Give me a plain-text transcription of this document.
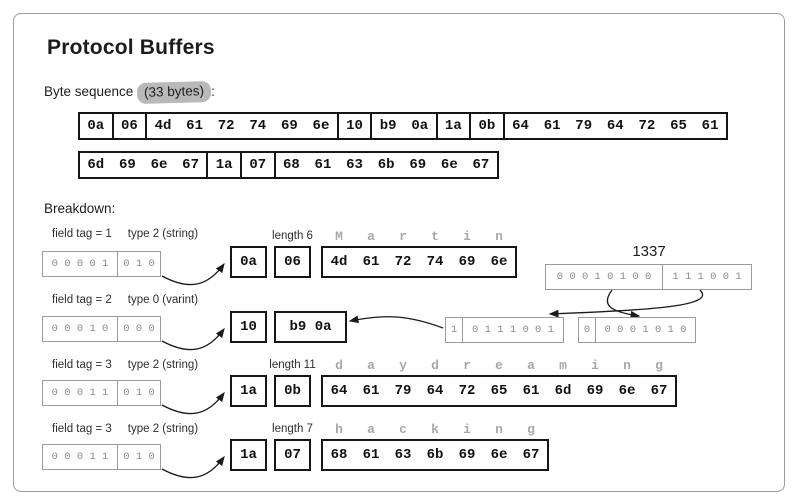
Protocol Buffers
Byte sequence (33 bytes) :
Breakdown:
1337
0a	06	4d	61	72	74	69	6e	10	b9	0a	1a	0b	64	61	79	64	72	65	61
6d	69	6e	67	1a	07	68	61	63	6b	69	6e	67
field tag = 1 type 2 (string)
0 0 0 0 1	0 1 0	0a	06
length 6
4d	61	72	74	69	6e
M	a	r	t	i	n
field tag = 2 type 0 (varint)
0 0 0 1 0	0 0 0	10	b9 0a
field tag = 3 type 2 (string)
0 0 0 1 1	0 1 0	1a	0b
length 11
64	61	79	64	72	65	61	6d	69	6e	67
d	a	y	d	r	e	a	m	i	n	g
field tag = 3 type 2 (string)
0 0 0 1 1	0 1 0	1a	07
length 7
68	61	63	6b	69	6e	67
h	a	c	k	i	n	g
0 0 0 1 0 1 0 0	1 1 1 0 0 1
1	0 1 1 1 0 0 1	0	0 0 0 1 0 1 0
